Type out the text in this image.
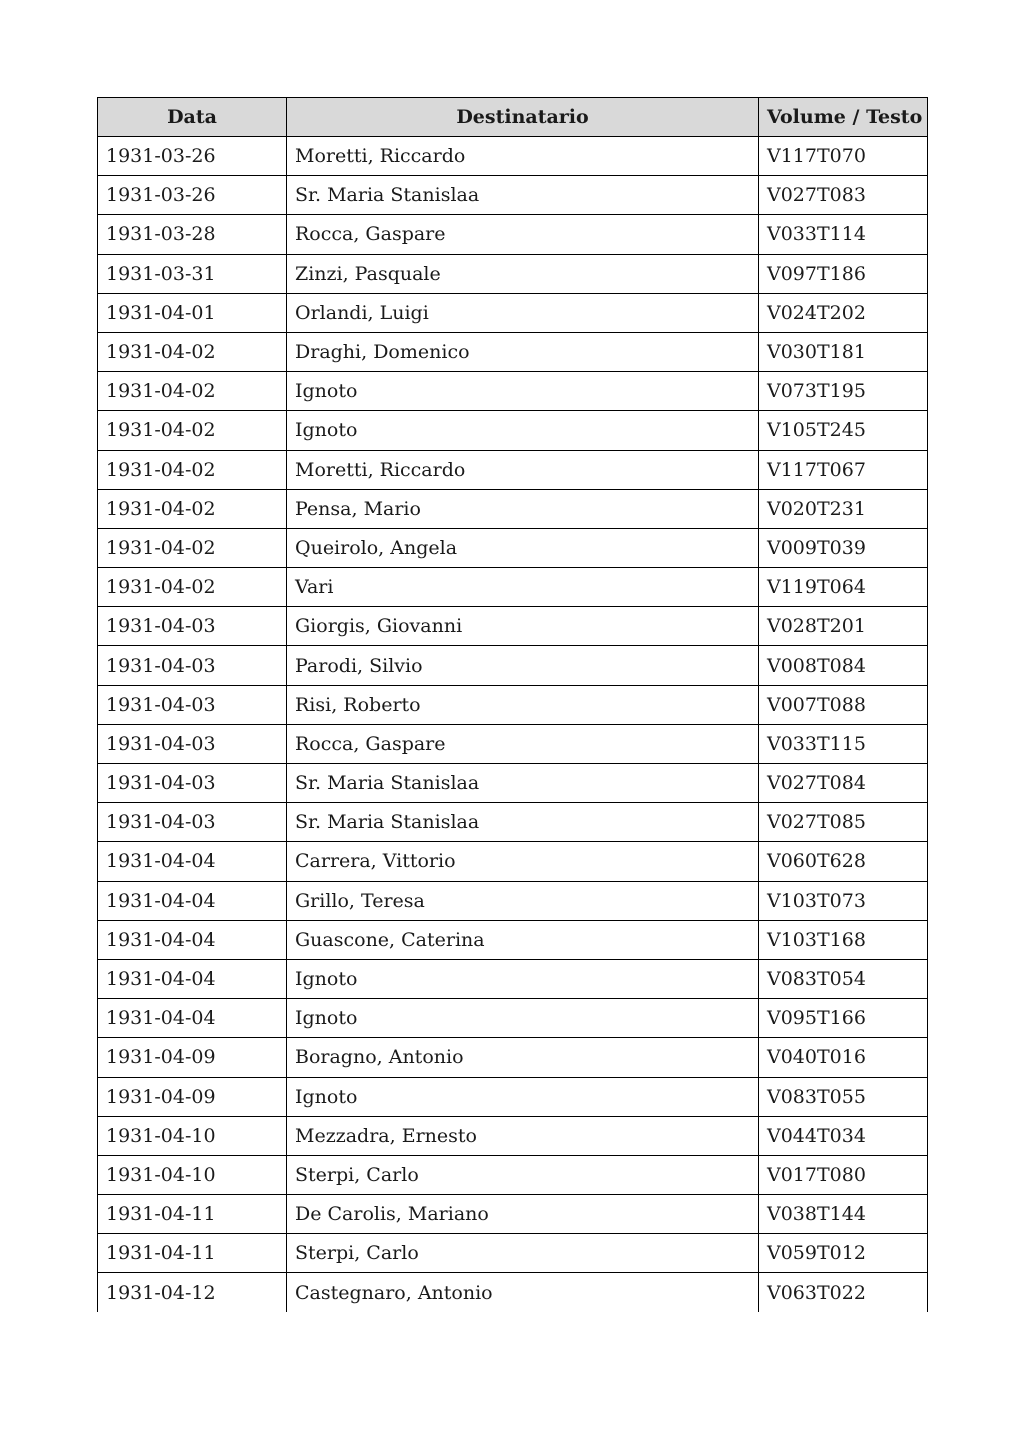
Data	Destinatario	Volume / Testo
1931-03-26	Moretti, Riccardo	V117T070
1931-03-26	Sr. Maria Stanislaa	V027T083
1931-03-28	Rocca, Gaspare	V033T114
1931-03-31	Zinzi, Pasquale	V097T186
1931-04-01	Orlandi, Luigi	V024T202
1931-04-02	Draghi, Domenico	V030T181
1931-04-02	Ignoto	V073T195
1931-04-02	Ignoto	V105T245
1931-04-02	Moretti, Riccardo	V117T067
1931-04-02	Pensa, Mario	V020T231
1931-04-02	Queirolo, Angela	V009T039
1931-04-02	Vari	V119T064
1931-04-03	Giorgis, Giovanni	V028T201
1931-04-03	Parodi, Silvio	V008T084
1931-04-03	Risi, Roberto	V007T088
1931-04-03	Rocca, Gaspare	V033T115
1931-04-03	Sr. Maria Stanislaa	V027T084
1931-04-03	Sr. Maria Stanislaa	V027T085
1931-04-04	Carrera, Vittorio	V060T628
1931-04-04	Grillo, Teresa	V103T073
1931-04-04	Guascone, Caterina	V103T168
1931-04-04	Ignoto	V083T054
1931-04-04	Ignoto	V095T166
1931-04-09	Boragno, Antonio	V040T016
1931-04-09	Ignoto	V083T055
1931-04-10	Mezzadra, Ernesto	V044T034
1931-04-10	Sterpi, Carlo	V017T080
1931-04-11	De Carolis, Mariano	V038T144
1931-04-11	Sterpi, Carlo	V059T012
1931-04-12	Castegnaro, Antonio	V063T022
